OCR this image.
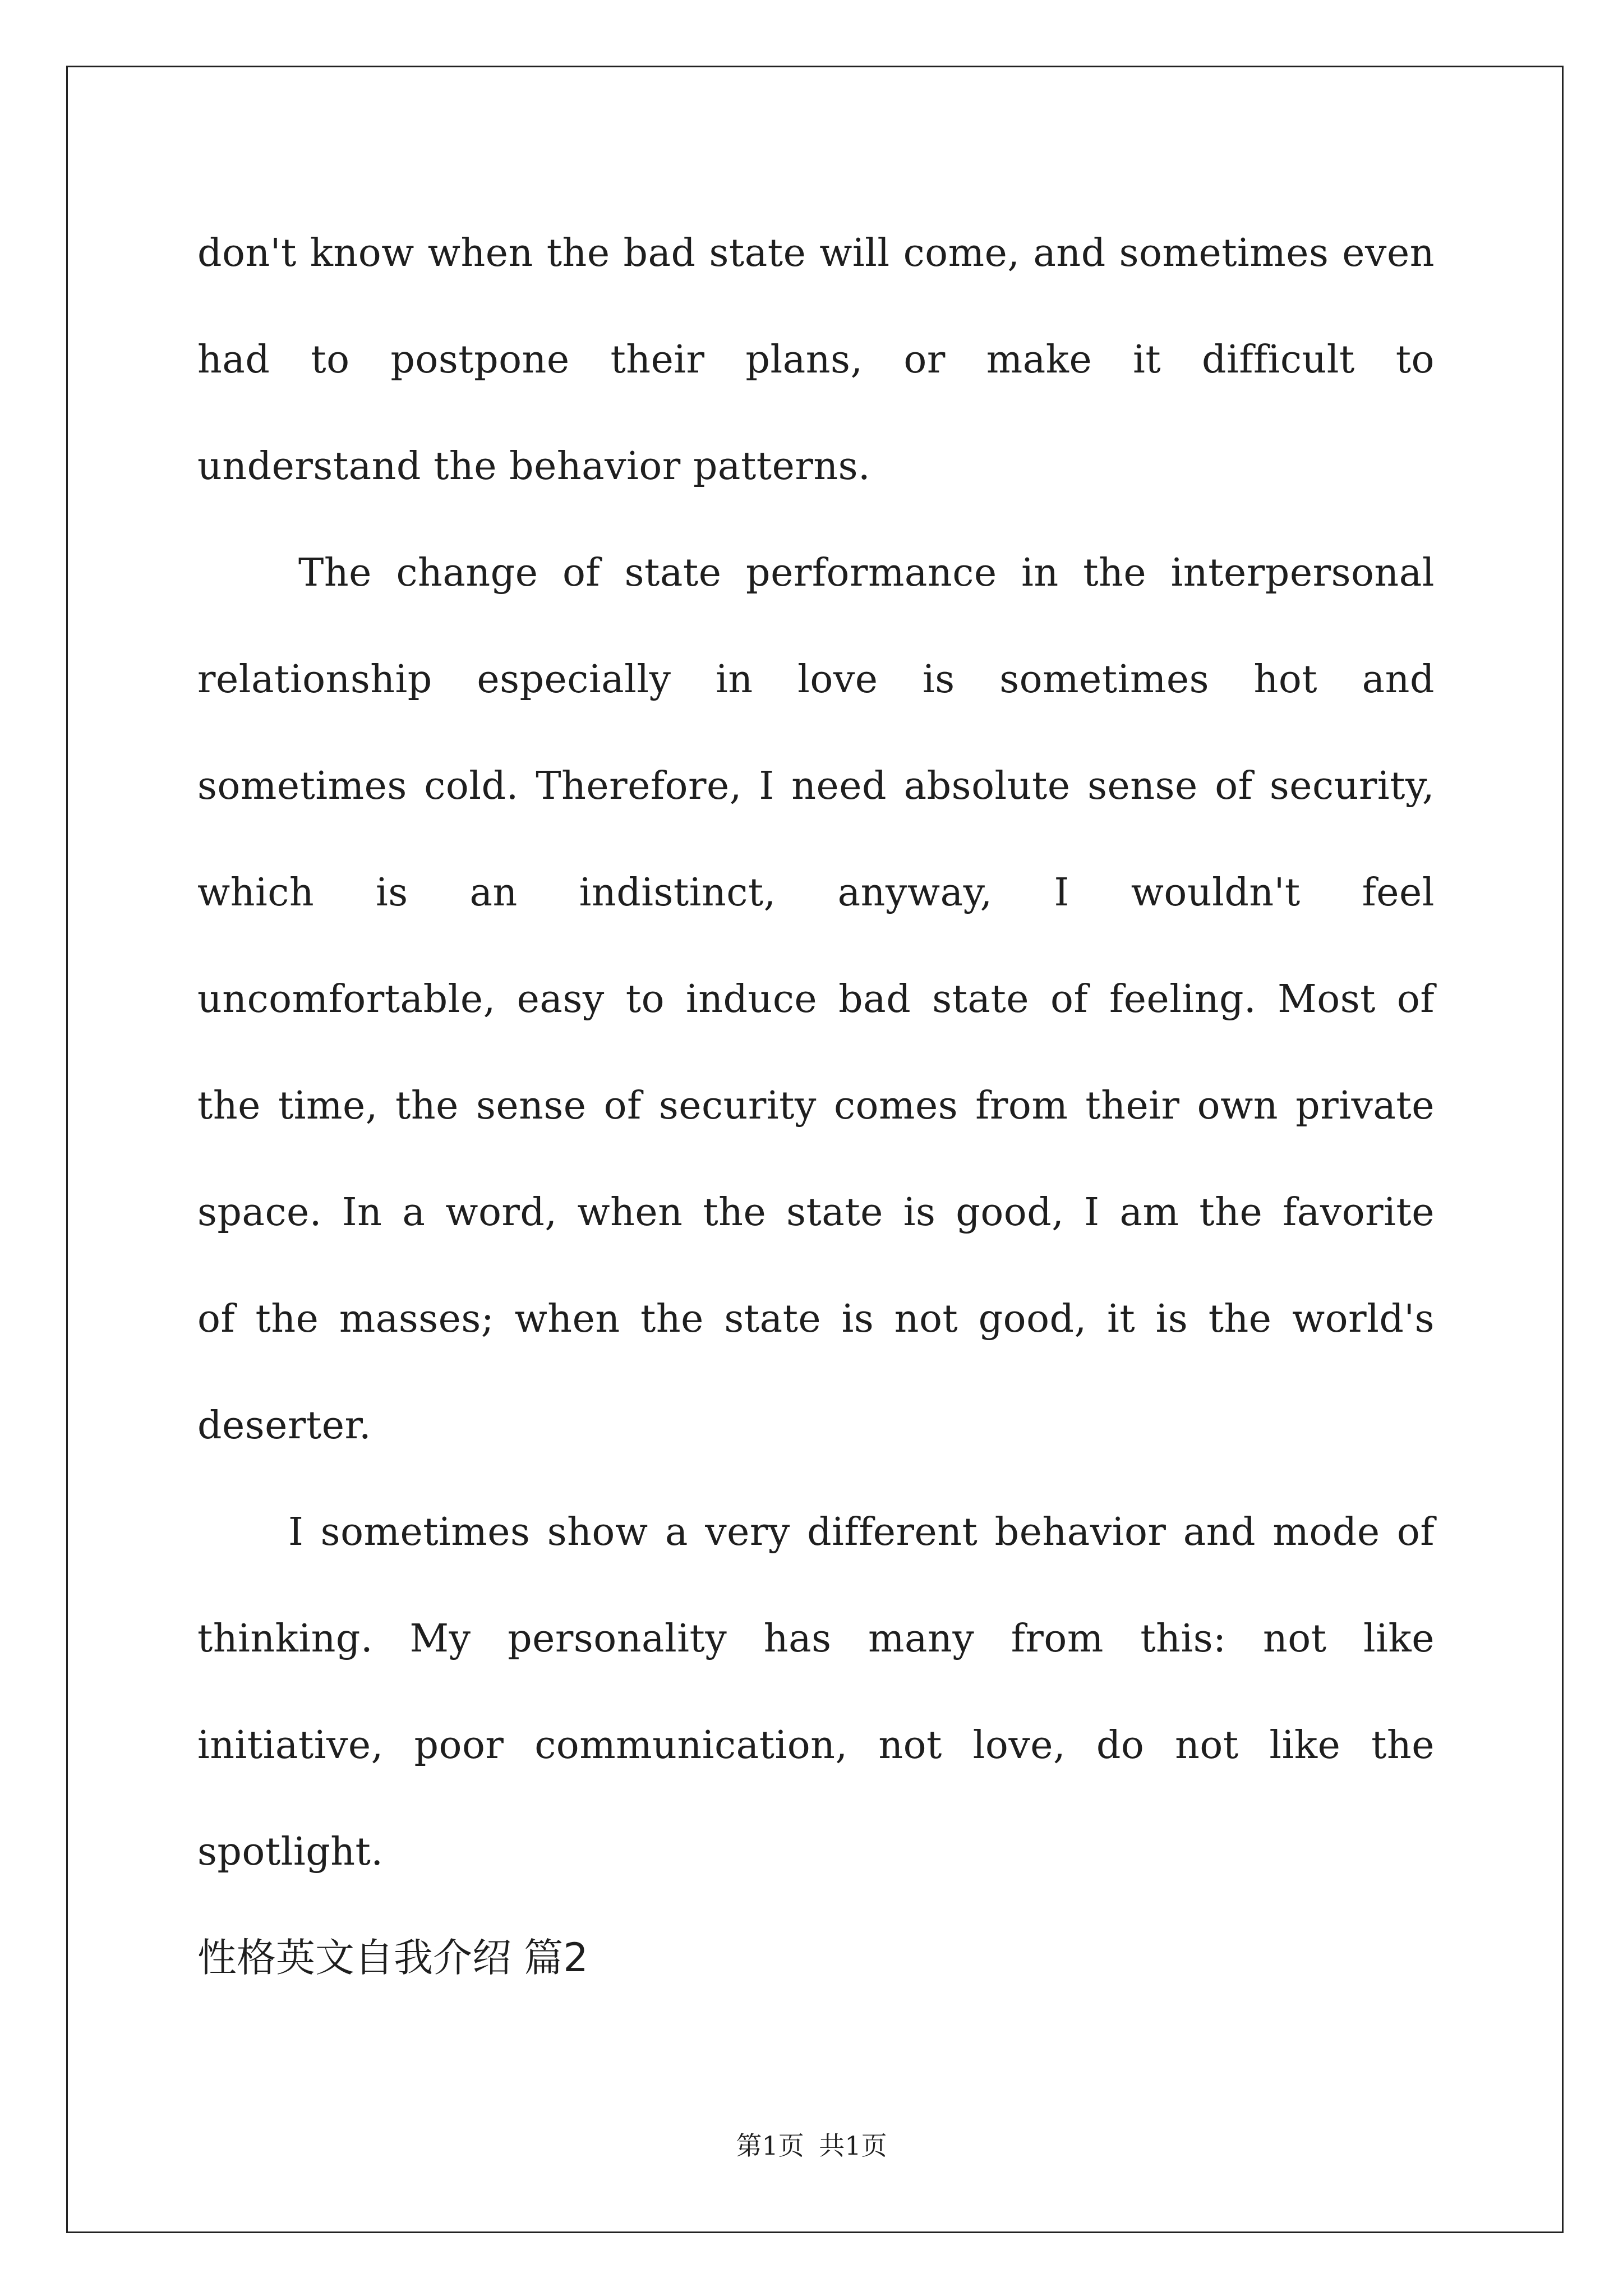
don't know when the bad state will come, and sometimes even
had to postpone their plans, or make it difficult to
understand the behavior patterns.
The change of state performance in the interpersonal
relationship especially in love is sometimes hot and
sometimes cold. Therefore, I need absolute sense of security,
which is an indistinct, anyway, I wouldn't feel
uncomfortable, easy to induce bad state of feeling. Most of
the time, the sense of security comes from their own private
space. In a word, when the state is good, I am the favorite
of the masses; when the state is not good, it is the world's
deserter.
I sometimes show a very different behavior and mode of
thinking. My personality has many from this: not like
initiative, poor communication, not love, do not like the
spotlight.
性格英文自我介绍 篇2
第1页 共1页
